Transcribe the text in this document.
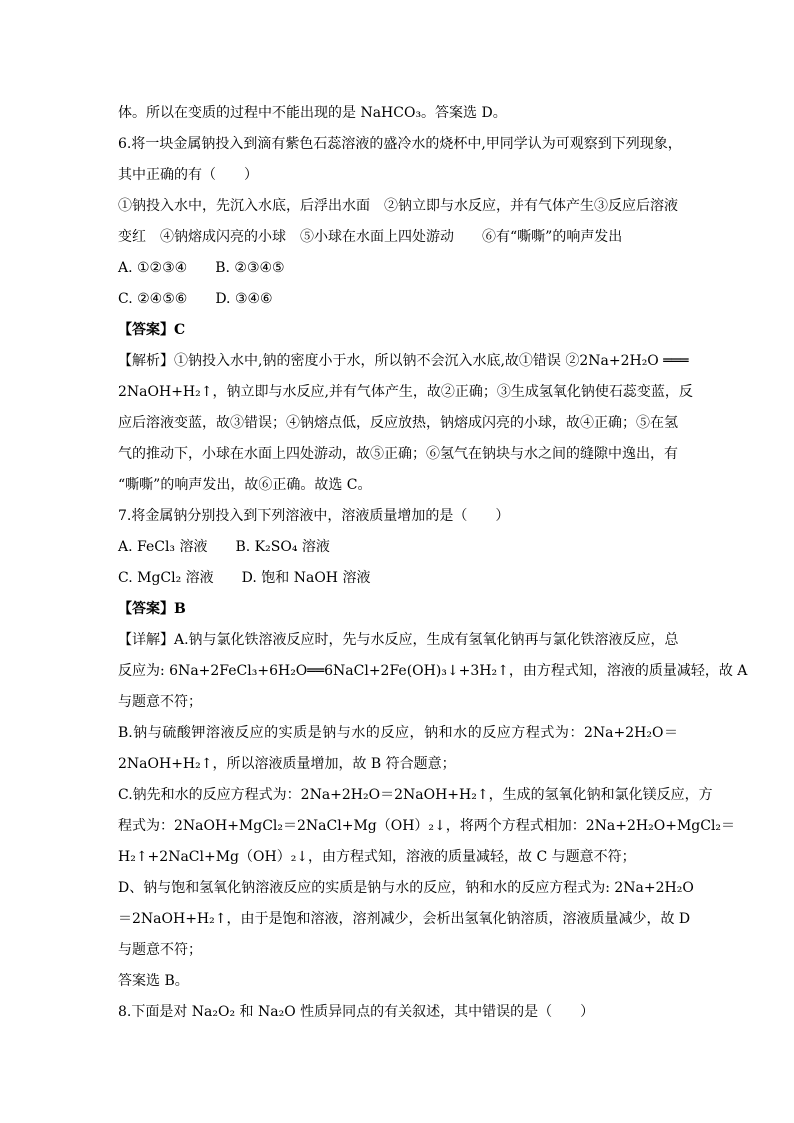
体。所以在变质的过程中不能出现的是 NaHCO₃。答案选 D。
6.将一块金属钠投入到滴有紫色石蕊溶液的盛冷水的烧杯中,甲同学认为可观察到下列现象，
其中正确的有（　　）
①钠投入水中，先沉入水底，后浮出水面　②钠立即与水反应，并有气体产生③反应后溶液
变红　④钠熔成闪亮的小球　⑤小球在水面上四处游动　　⑥有“嘶嘶”的响声发出
A. ①②③④　　B. ②③④⑤
C. ②④⑤⑥　　D. ③④⑥
【答案】C
【解析】①钠投入水中,钠的密度小于水，所以钠不会沉入水底,故①错误 ②2Na+2H₂O ═══
2NaOH+H₂↑，钠立即与水反应,并有气体产生，故②正确；③生成氢氧化钠使石蕊变蓝，反
应后溶液变蓝，故③错误；④钠熔点低，反应放热，钠熔成闪亮的小球，故④正确；⑤在氢
气的推动下，小球在水面上四处游动，故⑤正确；⑥氢气在钠块与水之间的缝隙中逸出，有
“嘶嘶”的响声发出，故⑥正确。故选 C。
7.将金属钠分别投入到下列溶液中，溶液质量增加的是（　　）
A. FeCl₃ 溶液　　B. K₂SO₄ 溶液
C. MgCl₂ 溶液　　D. 饱和 NaOH 溶液
【答案】B
【详解】A.钠与氯化铁溶液反应时，先与水反应，生成有氢氧化钠再与氯化铁溶液反应，总
反应为: 6Na+2FeCl₃+6H₂O══6NaCl+2Fe(OH)₃↓+3H₂↑，由方程式知，溶液的质量减轻，故 A
与题意不符；
B.钠与硫酸钾溶液反应的实质是钠与水的反应，钠和水的反应方程式为：2Na+2H₂O＝
2NaOH+H₂↑，所以溶液质量增加，故 B 符合题意；
C.钠先和水的反应方程式为：2Na+2H₂O＝2NaOH+H₂↑，生成的氢氧化钠和氯化镁反应，方
程式为：2NaOH+MgCl₂＝2NaCl+Mg（OH）₂↓，将两个方程式相加：2Na+2H₂O+MgCl₂＝
H₂↑+2NaCl+Mg（OH）₂↓，由方程式知，溶液的质量减轻，故 C 与题意不符；
D、钠与饱和氢氧化钠溶液反应的实质是钠与水的反应，钠和水的反应方程式为: 2Na+2H₂O
＝2NaOH+H₂↑，由于是饱和溶液，溶剂减少，会析出氢氧化钠溶质，溶液质量减少，故 D
与题意不符；
答案选 B。
8.下面是对 Na₂O₂ 和 Na₂O 性质异同点的有关叙述，其中错误的是（　　）
